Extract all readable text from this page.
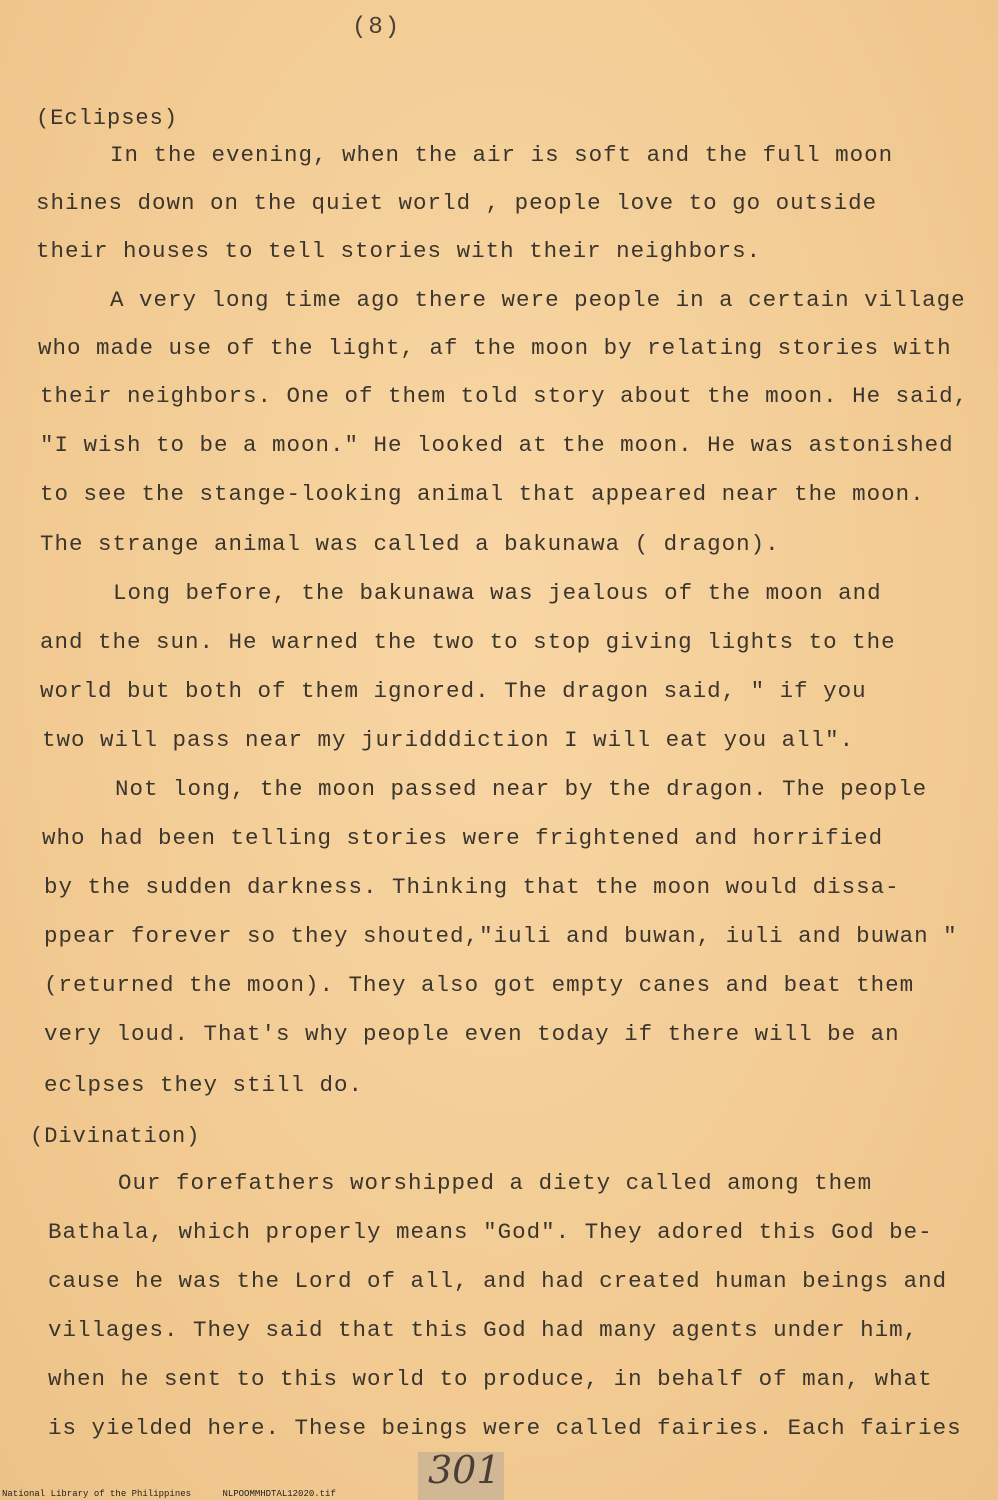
(8)
(Eclipses)
In the evening, when the air is soft and the full moon
shines down on the quiet world , people love to go outside
their houses to tell stories with their neighbors.
A very long time ago there were people in a certain village
who made use of the light, af the moon by relating stories with
their neighbors. One of them told story about the moon. He said,
"I wish to be a moon." He looked at the moon. He was astonished
to see the stange-looking animal that appeared near the moon.
The strange animal was called a bakunawa ( dragon).
Long before, the bakunawa was jealous of the moon and
and the sun. He warned the two to stop giving lights to the
world but both of them ignored. The dragon said, " if you
two will pass near my juridddiction I will eat you all".
Not long, the moon passed near by the dragon. The people
who had been telling stories were frightened and horrified
by the sudden darkness. Thinking that the moon would dissa-
ppear forever so they shouted,"iuli and buwan, iuli and buwan "
(returned the moon). They also got empty canes and beat them
very loud. That's why people even today if there will be an
eclpses they still do.
(Divination)
Our forefathers worshipped a diety called among them
Bathala, which properly means "God". They adored this God be-
cause he was the Lord of all, and had created human beings and
villages. They said that this God had many agents under him,
when he sent to this world to produce, in behalf of man, what
is yielded here. These beings were called fairies. Each fairies
301
National Library of the Philippines	NLPOOMMHDTAL12020.tif
